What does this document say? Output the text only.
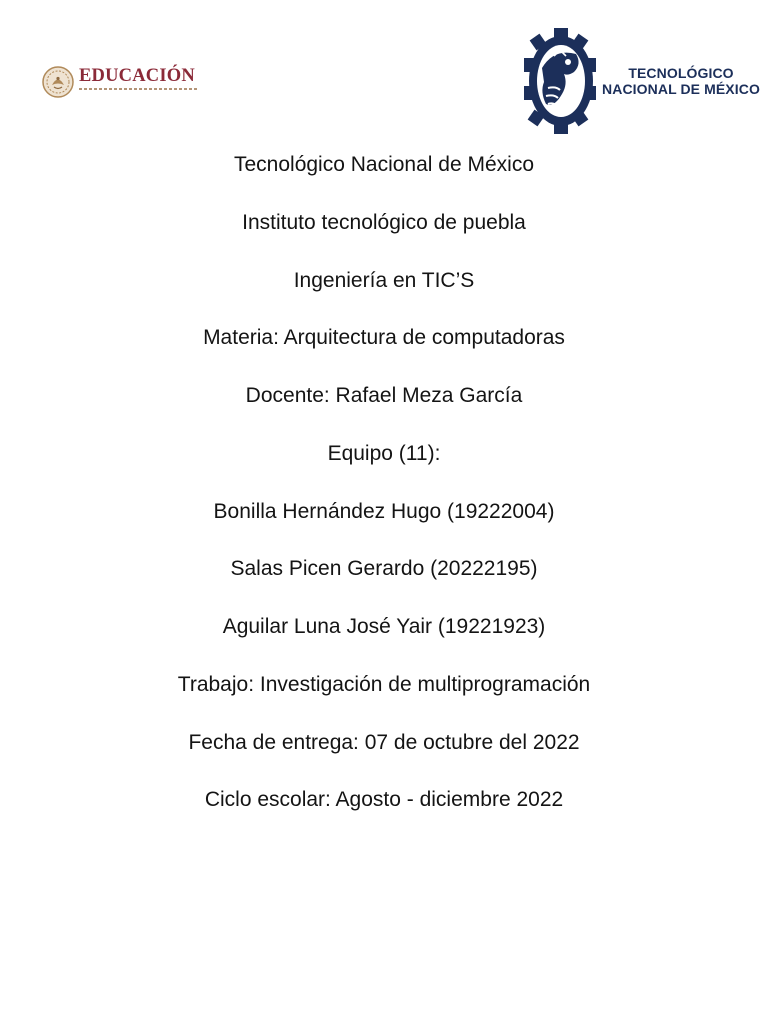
EDUCACIÓN	TECNOLÓGICO
NACIONAL DE MÉXICO
Tecnológico Nacional de México
Instituto tecnológico de puebla
Ingeniería en TIC’S
Materia: Arquitectura de computadoras
Docente: Rafael Meza García
Equipo (11):
Bonilla Hernández Hugo (19222004)
Salas Picen Gerardo (20222195)
Aguilar Luna José Yair (19221923)
Trabajo: Investigación de multiprogramación
Fecha de entrega: 07 de octubre del 2022
Ciclo escolar: Agosto - diciembre 2022
